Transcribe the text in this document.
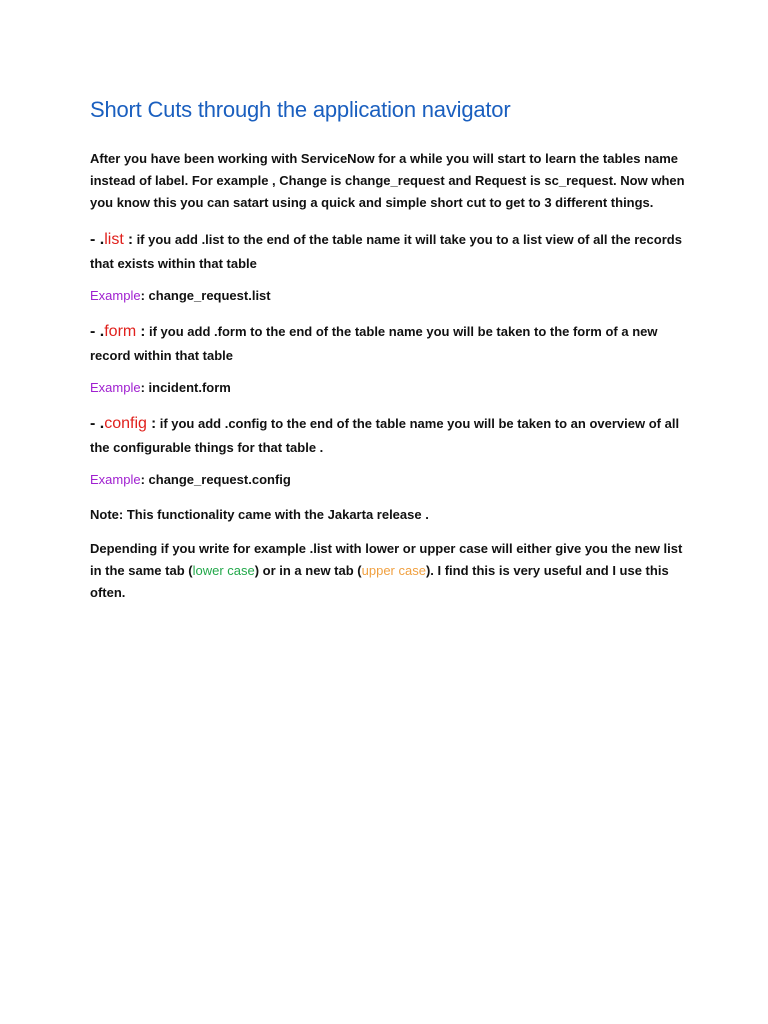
Short Cuts through the application navigator

After you have been working with ServiceNow for a while you will start to learn the tables name instead of label. For example , Change is change_request and Request is sc_request. Now when you know this you can satart using a quick and simple short cut to get to 3 different things.

- .list : if you add .list to the end of the table name it will take you to a list view of all the records that exists within that table

Example: change_request.list

- .form : if you add .form to the end of the table name you will be taken to the form of a new record within that table

Example: incident.form

- .config : if you add .config to the end of the table name you will be taken to an overview of all the configurable things for that table .

Example: change_request.config

Note: This functionality came with the Jakarta release .

Depending if you write for example .list with lower or upper case will either give you the new list in the same tab (lower case) or in a new tab (upper case). I find this is very useful and I use this often.
